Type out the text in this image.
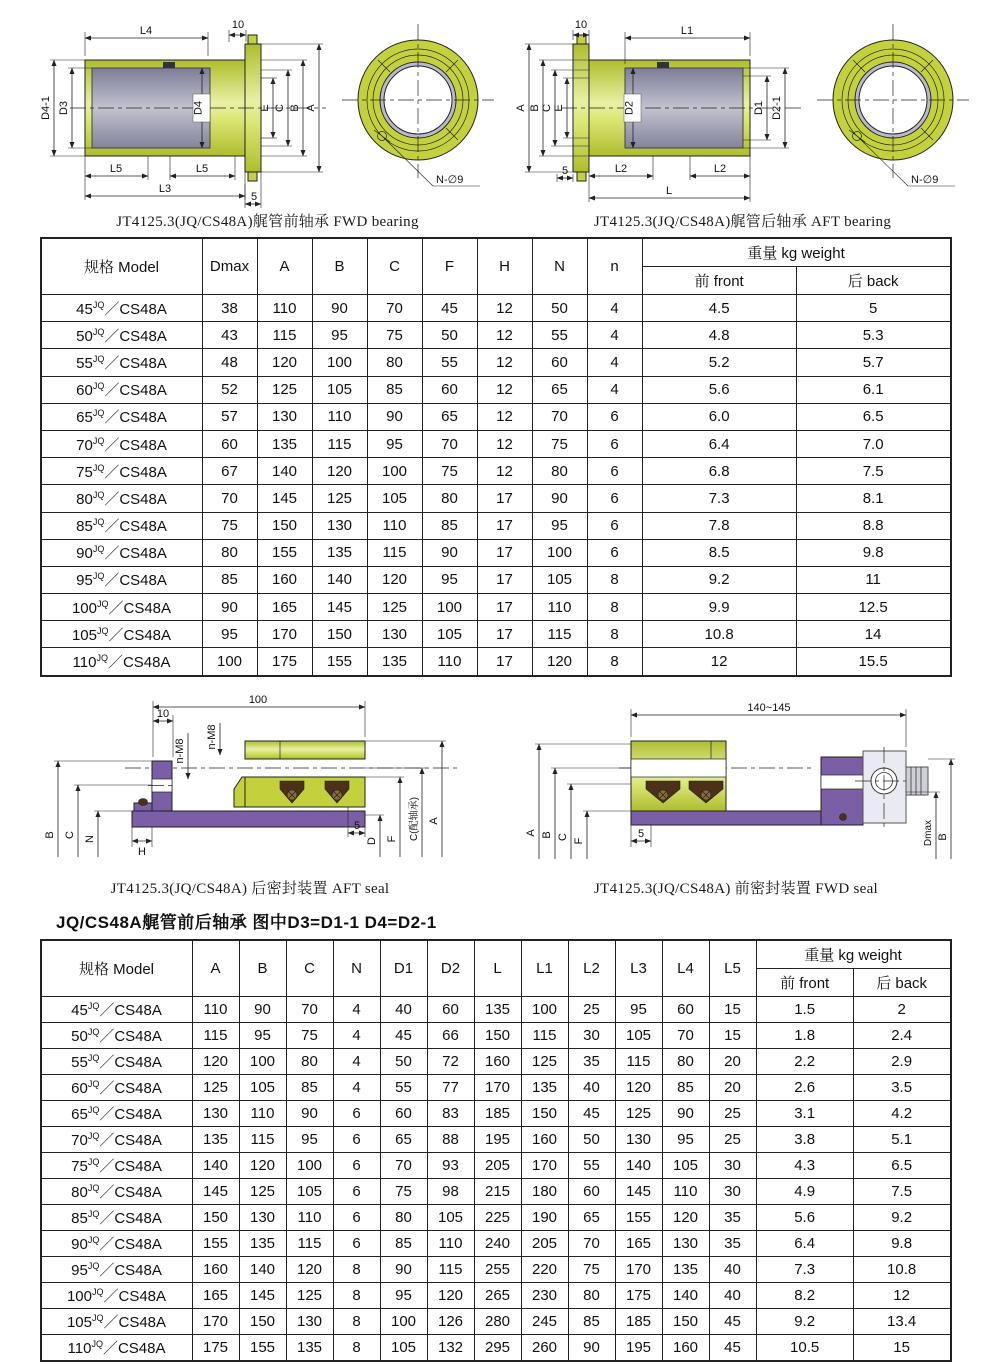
L4	10
D4-1 D3	D4	E C B A
L5	L5
L3
5
N-∅9
JT4125.3(JQ/CS48A)艉管前轴承 FWD bearing
10	L1
A B C E	D2	D1 D2-1
5	L2	L2
L
N-∅9
JT4125.3(JQ/CS48A)艉管后轴承 AFT bearing
规格 Model	Dmax	A	B	C	F	H	N	n	重量 kg weight	
									前 front	后 back
$45^{JQ}/CS48A$	38	110	90	70	45	12	50	4	4.5	5
$50^{JQ}/CS48A$	43	115	95	75	50	12	55	4	4.8	5.3
$55^{JQ}/CS48A$	48	120	100	80	55	12	60	4	5.2	5.7
$60^{JQ}/CS48A$	52	125	105	85	60	12	65	4	5.6	6.1
$65^{JQ}/CS48A$	57	130	110	90	65	12	70	6	6.0	6.5
$70^{JQ}/CS48A$	60	135	115	95	70	12	75	6	6.4	7.0
$75^{JQ}/CS48A$	67	140	120	100	75	12	80	6	6.8	7.5
$80^{JQ}/CS48A$	70	145	125	105	80	17	90	6	7.3	8.1
$85^{JQ}/CS48A$	75	150	130	110	85	17	95	6	7.8	8.8
$90^{JQ}/CS48A$	80	155	135	115	90	17	100	6	8.5	9.8
$95^{JQ}/CS48A$	85	160	140	120	95	17	105	8	9.2	11
$100^{JQ}/CS48A$	90	165	145	125	100	17	110	8	9.9	12.5
$105^{JQ}/CS48A$	95	170	150	130	105	17	115	8	10.8	14
$110^{JQ}/CS48A$	100	175	155	135	110	17	120	8	12	15.5
100
10
n-M8
n-M8
B C
N
H
5
D F C(配轴承) A
JT4125.3(JQ/CS48A) 后密封装置 AFT seal
140~145
A B C
F
5	Dmax B
JT4125.3(JQ/CS48A) 前密封装置 FWD seal
JQ/CS48A艉管前后轴承 图中D3=D1-1 D4=D2-1
规格 Model	A	B	C	N	D1	D2	L	L1	L2	L3	L4	L5	重量 kg weight	
													前 front	后 back
$45^{JQ}/CS48A$	110	90	70	4	40	60	135	100	25	95	60	15	1.5	2
$50^{JQ}/CS48A$	115	95	75	4	45	66	150	115	30	105	70	15	1.8	2.4
$55^{JQ}/CS48A$	120	100	80	4	50	72	160	125	35	115	80	20	2.2	2.9
$60^{JQ}/CS48A$	125	105	85	4	55	77	170	135	40	120	85	20	2.6	3.5
$65^{JQ}/CS48A$	130	110	90	6	60	83	185	150	45	125	90	25	3.1	4.2
$70^{JQ}/CS48A$	135	115	95	6	65	88	195	160	50	130	95	25	3.8	5.1
$75^{JQ}/CS48A$	140	120	100	6	70	93	205	170	55	140	105	30	4.3	6.5
$80^{JQ}/CS48A$	145	125	105	6	75	98	215	180	60	145	110	30	4.9	7.5
$85^{JQ}/CS48A$	150	130	110	6	80	105	225	190	65	155	120	35	5.6	9.2
$90^{JQ}/CS48A$	155	135	115	6	85	110	240	205	70	165	130	35	6.4	9.8
$95^{JQ}/CS48A$	160	140	120	8	90	115	255	220	75	170	135	40	7.3	10.8
$100^{JQ}/CS48A$	165	145	125	8	95	120	265	230	80	175	140	40	8.2	12
$105^{JQ}/CS48A$	170	150	130	8	100	126	280	245	85	185	150	45	9.2	13.4
$110^{JQ}/CS48A$	175	155	135	8	105	132	295	260	90	195	160	45	10.5	15
